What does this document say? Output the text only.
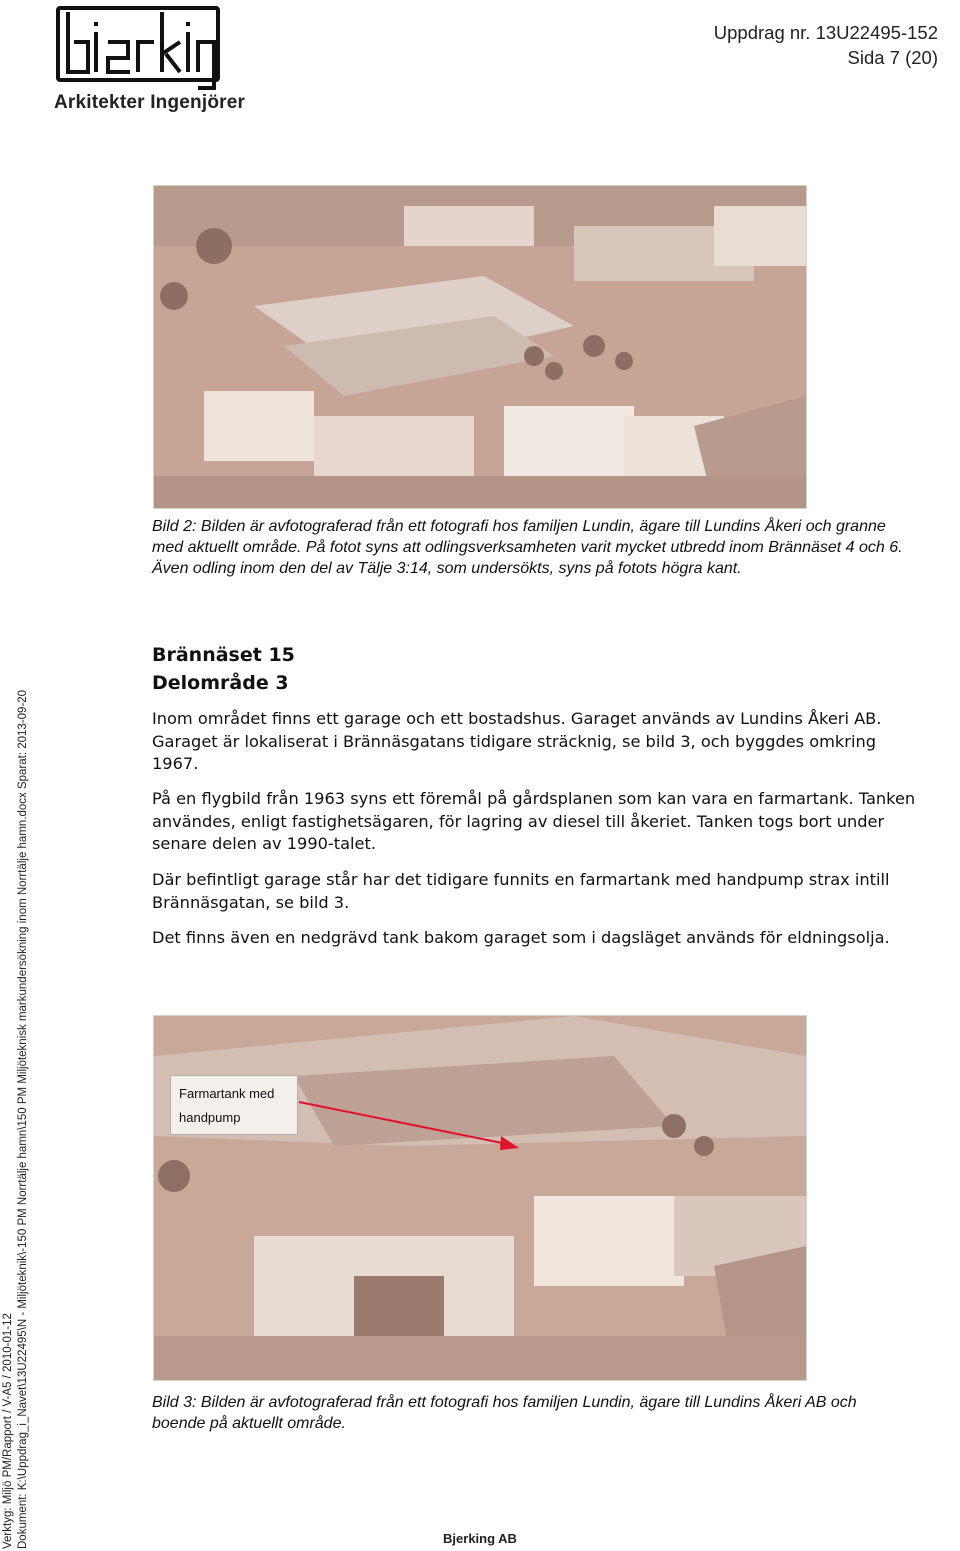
Arkitekter Ingenjörer
Uppdrag nr. 13U22495-152
Sida 7 (20)
Bild 2: Bilden är avfotograferad från ett fotografi hos familjen Lundin, ägare till Lundins Åkeri och granne med aktuellt område. På fotot syns att odlingsverksamheten varit mycket utbredd inom Brännäset 4 och 6. Även odling inom den del av Tälje 3:14, som undersökts, syns på fotots högra kant.
Brännäset 15
Delområde 3
Inom området finns ett garage och ett bostadshus. Garaget används av Lundins Åkeri AB. Garaget är lokaliserat i Brännäsgatans tidigare sträcknig, se bild 3, och byggdes omkring 1967.
På en flygbild från 1963 syns ett föremål på gårdsplanen som kan vara en farmartank. Tanken användes, enligt fastighetsägaren, för lagring av diesel till åkeriet. Tanken togs bort under senare delen av 1990-talet.
Där befintligt garage står har det tidigare funnits en farmartank med handpump strax intill Brännäsgatan, se bild 3.
Det finns även en nedgrävd tank bakom garaget som i dagsläget används för eldningsolja.
Farmartank med handpump
Bild 3: Bilden är avfotograferad från ett fotografi hos familjen Lundin, ägare till Lundins Åkeri AB och boende på aktuellt område.
Verktyg: Miljö PM/Rapport / V-A5 / 2010-01-12 Dokument: K:\Uppdrag_i_Navet\13U22495\N - Miljöteknik\-150 PM Norrtälje hamn\150 PM Miljöteknisk markundersökning inom Norrtälje hamn.docx Sparat: 2013-09-20	Bjerking AB
